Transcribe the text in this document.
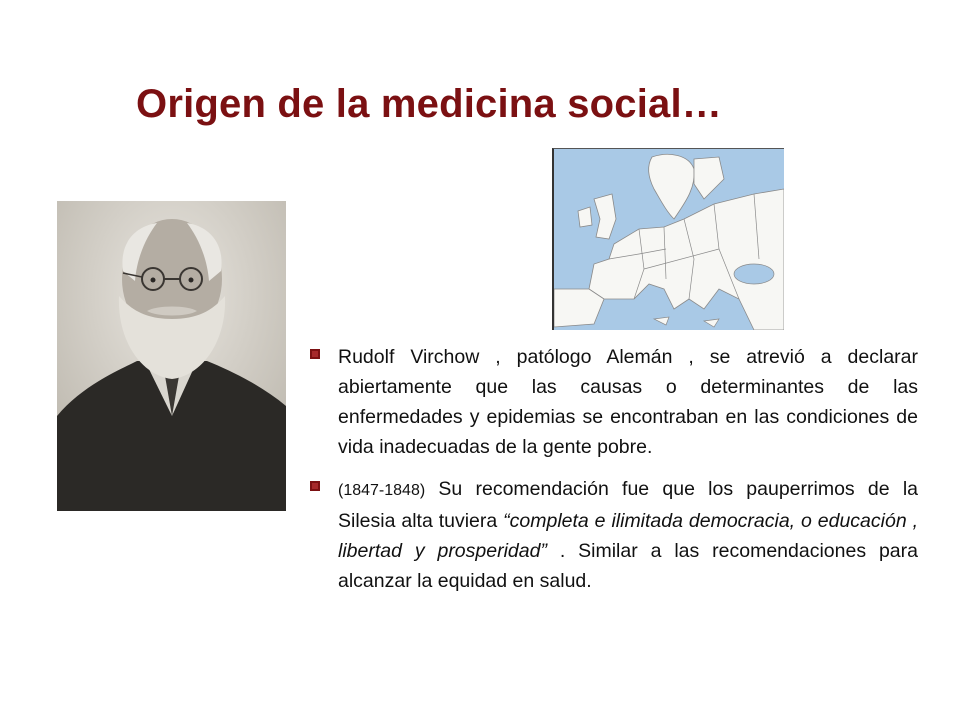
Origen de la medicina social…
Rudolf Virchow , patólogo Alemán , se atrevió a declarar abiertamente que las causas o determinantes de las enfermedades y epidemias se encontraban en las condiciones de vida inadecuadas de la gente pobre.
(1847-1848) Su recomendación fue que los pauperrimos de la Silesia alta tuviera “completa e ilimitada democracia, o educación , libertad y prosperidad” . Similar a las recomendaciones para alcanzar la equidad en salud.
